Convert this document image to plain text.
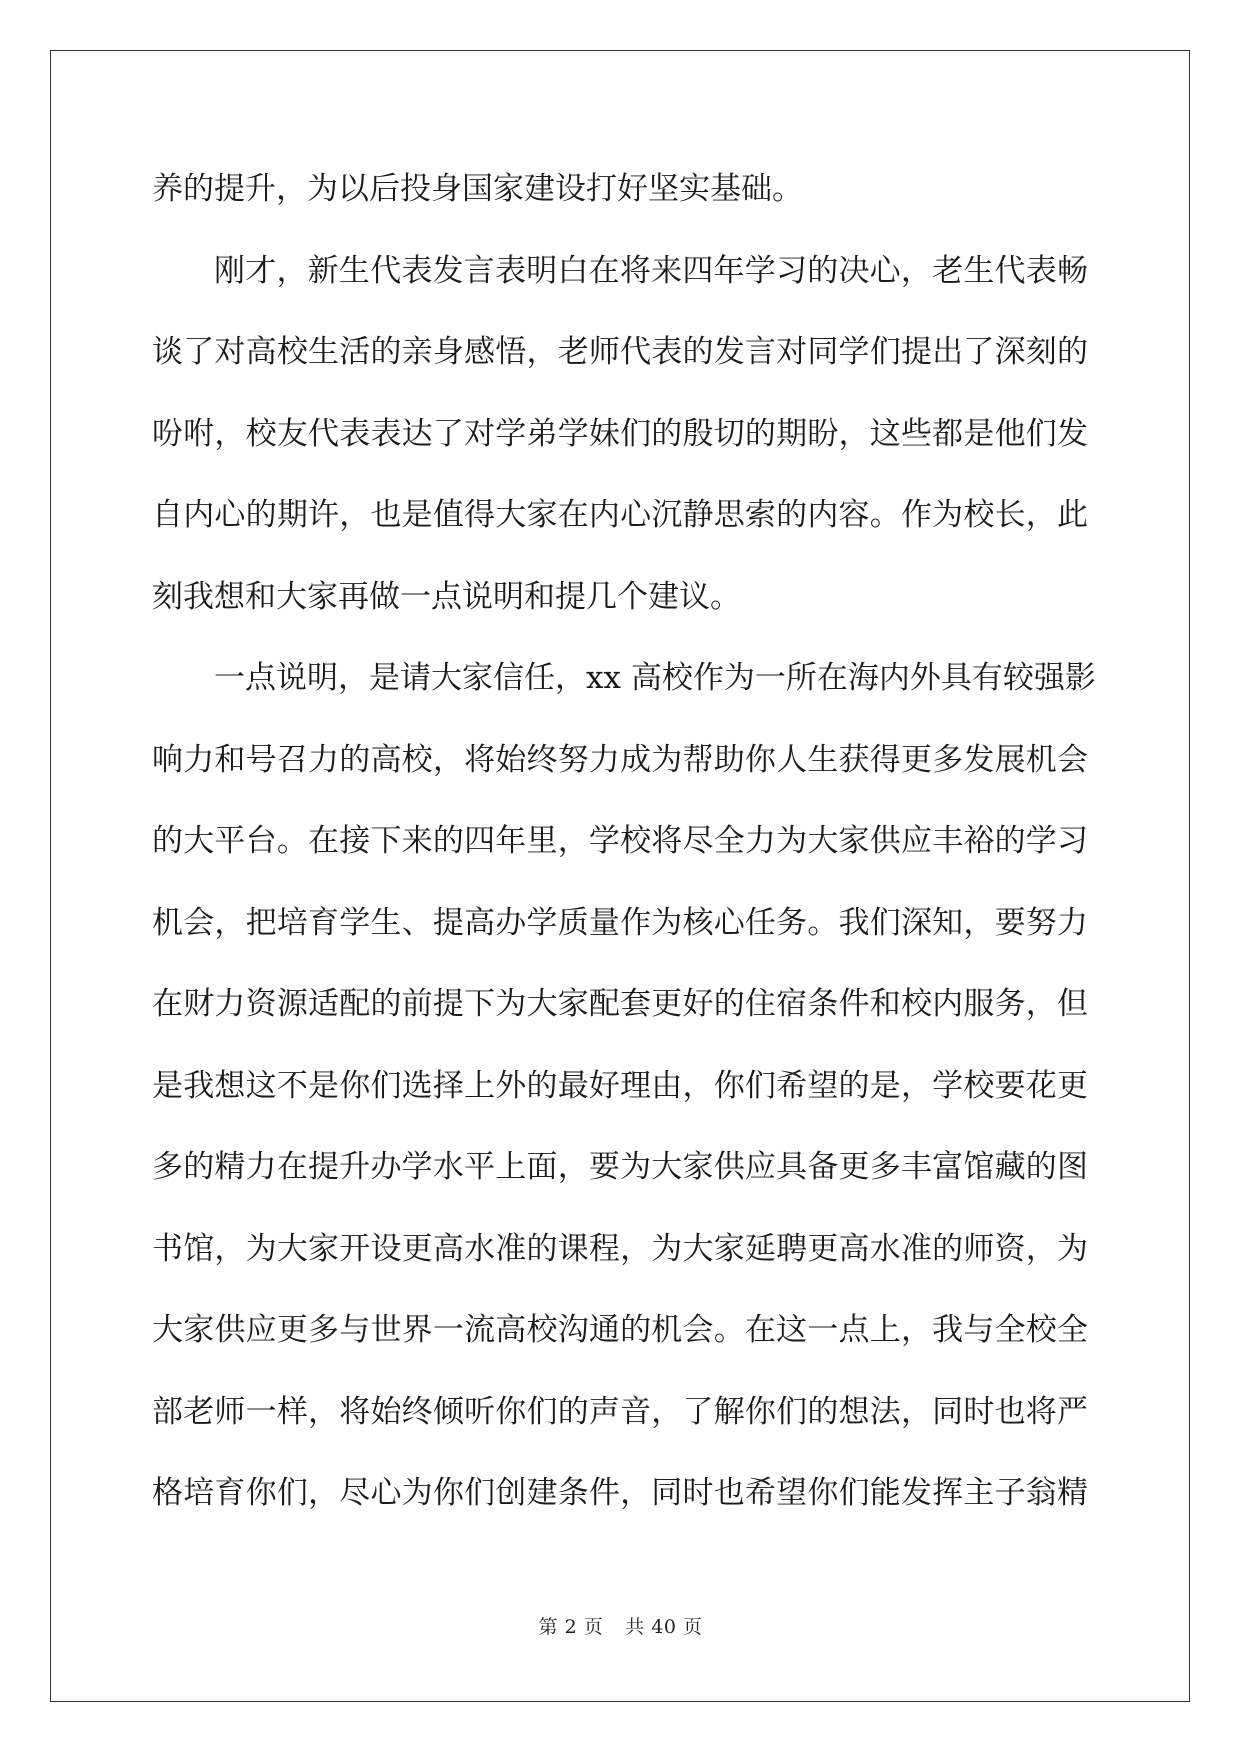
养的提升，为以后投身国家建设打好坚实基础。
刚才，新生代表发言表明白在将来四年学习的决心，老生代表畅
谈了对高校生活的亲身感悟，老师代表的发言对同学们提出了深刻的
吩咐，校友代表表达了对学弟学妹们的殷切的期盼，这些都是他们发
自内心的期许，也是值得大家在内心沉静思索的内容。作为校长，此
刻我想和大家再做一点说明和提几个建议。
一点说明，是请大家信任，xx 高校作为一所在海内外具有较强影
响力和号召力的高校，将始终努力成为帮助你人生获得更多发展机会
的大平台。在接下来的四年里，学校将尽全力为大家供应丰裕的学习
机会，把培育学生、提高办学质量作为核心任务。我们深知，要努力
在财力资源适配的前提下为大家配套更好的住宿条件和校内服务，但
是我想这不是你们选择上外的最好理由，你们希望的是，学校要花更
多的精力在提升办学水平上面，要为大家供应具备更多丰富馆藏的图
书馆，为大家开设更高水准的课程，为大家延聘更高水准的师资，为
大家供应更多与世界一流高校沟通的机会。在这一点上，我与全校全
部老师一样，将始终倾听你们的声音，了解你们的想法，同时也将严
格培育你们，尽心为你们创建条件，同时也希望你们能发挥主子翁精
第 2 页 共 40 页
